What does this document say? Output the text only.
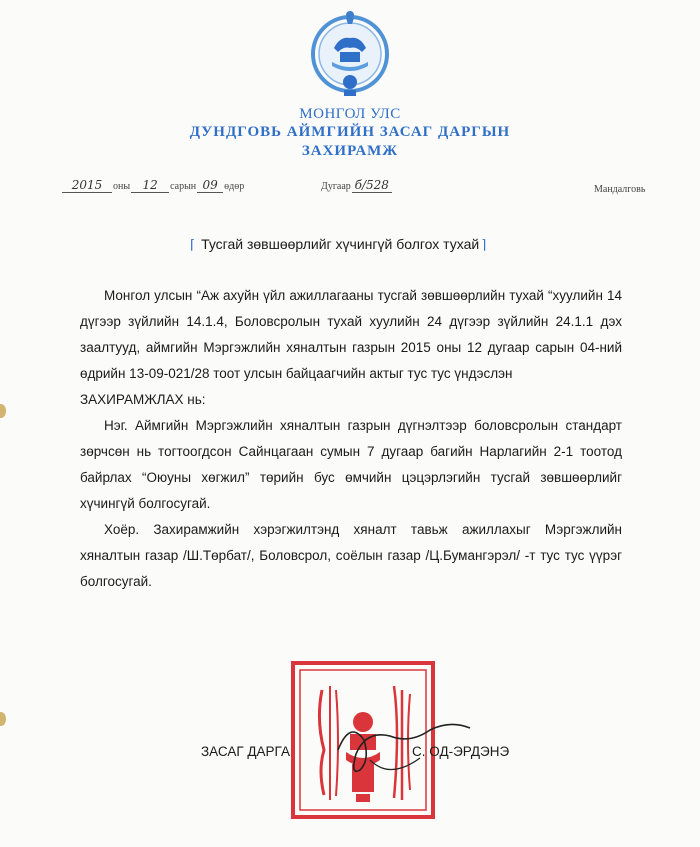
МОНГОЛ УЛС
ДУНДГОВЬ АЙМГИЙН ЗАСАГ ДАРГЫН
ЗАХИРАМЖ
2015 оны 12 сарын 09 өдөр	Дугаар б/528	Мандалговь
⌈ Тусгай зөвшөөрлийг хүчингүй болгох тухай ⌉

Монгол улсын “Аж ахуйн үйл ажиллагааны тусгай зөвшөөрлийн тухай “хуулийн 14 дүгээр зүйлийн 14.1.4, Боловсролын тухай хуулийн 24 дүгээр зүйлийн 24.1.1 дэх заалтууд, аймгийн Мэргэжлийн хяналтын газрын 2015 оны 12 дугаар сарын 04-ний өдрийн 13-09-021/28 тоот улсын байцаагчийн актыг тус тус үндэслэн

ЗАХИРАМЖЛАХ нь:

Нэг. Аймгийн Мэргэжлийн хяналтын газрын дүгнэлтээр боловсролын стандарт зөрчсөн нь тогтоогдсон Сайнцагаан сумын 7 дугаар багийн Нарлагийн 2-1 тоотод байрлах “Оюуны хөгжил” төрийн бус өмчийн цэцэрлэгийн тусгай зөвшөөрлийг хүчингүй болгосугай.

Хоёр. Захирамжийн хэрэгжилтэнд хяналт тавьж ажиллахыг Мэргэжлийн хяналтын газар /Ш.Төрбат/, Боловсрол, соёлын газар /Ц.Бумангэрэл/ -т тус тус үүрэг болгосугай.

ЗАСАГ ДАРГА	С. ОД-ЭРДЭНЭ
